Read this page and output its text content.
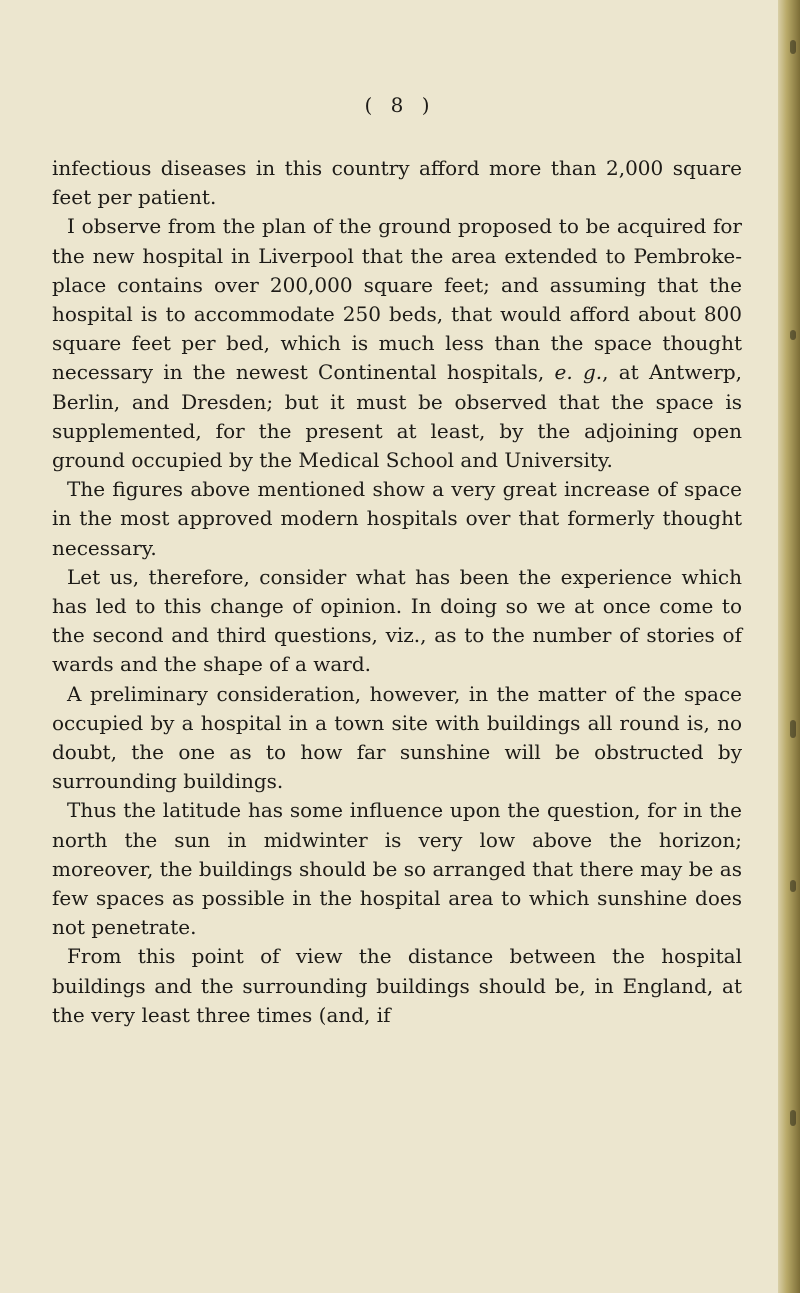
( 8 )

infectious diseases in this country afford more than 2,000 square feet per patient.

I observe from the plan of the ground proposed to be acquired for the new hospital in Liverpool that the area extended to Pembroke-place contains over 200,000 square feet; and assuming that the hospital is to accommodate 250 beds, that would afford about 800 square feet per bed, which is much less than the space thought necessary in the newest Continental hospitals, e. g., at Antwerp, Berlin, and Dresden; but it must be observed that the space is supplemented, for the present at least, by the adjoining open ground occupied by the Medical School and University.

The figures above mentioned show a very great increase of space in the most approved modern hospitals over that formerly thought necessary.

Let us, therefore, consider what has been the experience which has led to this change of opinion. In doing so we at once come to the second and third questions, viz., as to the number of stories of wards and the shape of a ward.

A preliminary consideration, however, in the matter of the space occupied by a hospital in a town site with buildings all round is, no doubt, the one as to how far sunshine will be obstructed by surrounding buildings.

Thus the latitude has some influence upon the question, for in the north the sun in midwinter is very low above the horizon; moreover, the buildings should be so arranged that there may be as few spaces as possible in the hospital area to which sunshine does not penetrate.

From this point of view the distance between the hospital buildings and the surrounding buildings should be, in England, at the very least three times (and, if
